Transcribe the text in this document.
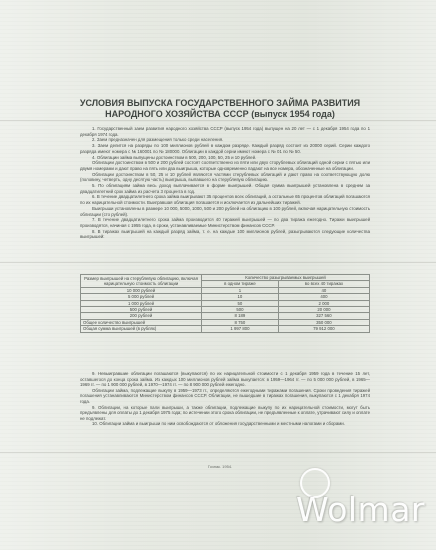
УСЛОВИЯ ВЫПУСКА ГОСУДАРСТВЕННОГО ЗАЙМА РАЗВИТИЯ
НАРОДНОГО ХОЗЯЙСТВА СССР (выпуск 1954 года)

1. Государственный заем развития народного хозяйства СССР (выпуск 1954 года) выпущен на 20 лет — с 1 декабря 1954 года по 1 декабря 1974 года.

2. Заем предназначен для размещения только среди населения.

3. Заем делится на разряды по 100 миллионов рублей в каждом разряде. Каждый разряд состоит из 20000 серий. Серии каждого разряда имеют номера с № 160001 по № 180000. Облигации в каждой серии имеют номера с № 01 по № 50.

4. Облигации займа выпущены достоинством в 500, 200, 100, 50, 25 и 10 рублей.

Облигации достоинством в 500 и 200 рублей состоят соответственно из пяти или двух сторублевых облигаций одной серии с пятью или двумя номерами и дают право на пять или два выигрыша, которые одновременно падают на все номера, обозначенные на облигации.

Облигации достоинством в 50, 25 и 10 рублей являются частями стерублевых облигаций и дают право на соответствующую долю (половину, четверть, одну десятую часть) выигрыша, выпавшего на стерублевую облигацию.

5. По облигациям займа весь доход выплачивается в форме выигрышей. Общая сумма выигрышей установлена в среднем за двадцатилетний срок займа из расчета 3 процента в год.

6. В течение двадцатилетнего срока займа выигрывают 35 процентов всех облигаций, а остальные 65 процентов облигаций погашаются по их нарицательной стоимости. Выигравшая облигация погашается и исключается из дальнейших тиражей.

Выигрыши установлены в размере 10 000, 5000, 1000, 500 и 200 рублей на облигацию в 100 рублей, включая нарицательную стоимость облигации (сто рублей).

7. В течение двадцатилетнего срока займа производится 40 тиражей выигрышей — по два тиража ежегодно. Тиражи выигрышей производятся, начиная с 1955 года, в сроки, устанавливаемые Министерством финансов СССР.

8. В тиражах выигрышей на каждый разряд займа, т. е. на каждые 100 миллионов рублей, разыгрываются следующие количества выигрышей:

Размер выигрышей на стерублевую облигацию, включая нарицательную стоимость облигации	Количество разыгрываемых выигрышей	
	в одном тираже	во всех 40 тиражах
10 000 рублей	1	40
5 000 рублей	10	400
1 000 рублей	50	2 000
500 рублей	500	20 000
200 рублей	8 189	327 560
Общее количество выигрышей	8 750	350 000
Общая сумма выигрышей (в рублях)	1 997 800	79 912 000

9. Невыигравшие облигации погашаются (выкупаются) по их нарицательной стоимости с 1 декабря 1959 года в течение 15 лет, оставшегося до конца срока займа. Из каждых 100 миллионов рублей займа выкупается: в 1959—1964 гг. — по 5 000 000 рублей, в 1965—1969 гг. — по 1 900 000 рублей, в 1970—1974 гг. — по 8 900 000 рублей ежегодно.

Облигации займа, подлежащие выкупу в 1959—1973 гг., определяются ежегодными тиражами погашения. Сроки проведения тиражей погашения устанавливаются Министерством финансов СССР. Облигации, не вышедшие в тиражах погашения, выкупаются с 1 декабря 1974 года.

9. Облигации, на которые пали выигрыши, а также облигации, подлежащие выкупу по их нарицательной стоимости, могут быть предъявлены для оплаты до 1 декабря 1975 года; по истечении этого срока облигации, не предъявленные к оплате, утрачивают силу и оплате не подлежат.

10. Облигации займа и выигрыши по ним освобождаются от обложения государственными и местными налогами и сборами.

Гознак. 1954.
Wolmar
